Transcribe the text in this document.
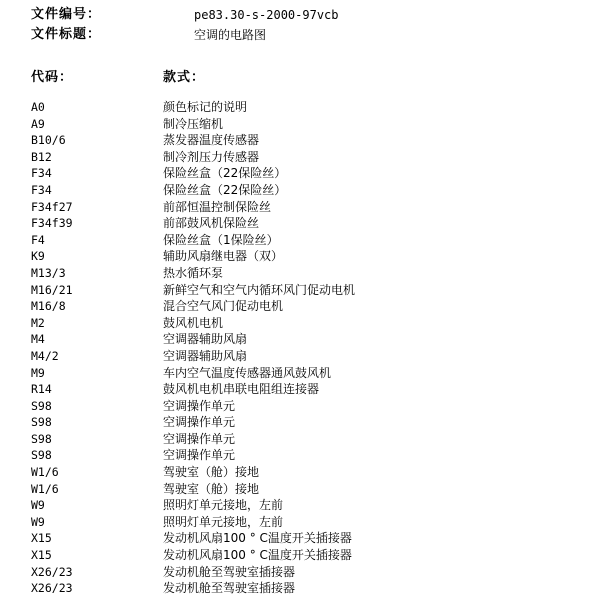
文件编号：	pe83.30-s-2000-97vcb
文件标题：	空调的电路图
代码：	款式：
A0	颜色标记的说明
A9	制冷压缩机
B10/6	蒸发器温度传感器
B12	制冷剂压力传感器
F34	保险丝盒（22保险丝）
F34	保险丝盒（22保险丝）
F34f27	前部恒温控制保险丝
F34f39	前部鼓风机保险丝
F4	保险丝盒（1保险丝）
K9	辅助风扇继电器（双）
M13/3	热水循环泵
M16/21	新鲜空气和空气内循环风门促动电机
M16/8	混合空气风门促动电机
M2	鼓风机电机
M4	空调器辅助风扇
M4/2	空调器辅助风扇
M9	车内空气温度传感器通风鼓风机
R14	鼓风机电机串联电阻组连接器
S98	空调操作单元
S98	空调操作单元
S98	空调操作单元
S98	空调操作单元
W1/6	驾驶室（舱）接地
W1/6	驾驶室（舱）接地
W9	照明灯单元接地，左前
W9	照明灯单元接地，左前
X15	发动机风扇100 ° C温度开关插接器
X15	发动机风扇100 ° C温度开关插接器
X26/23	发动机舱至驾驶室插接器
X26/23	发动机舱至驾驶室插接器
